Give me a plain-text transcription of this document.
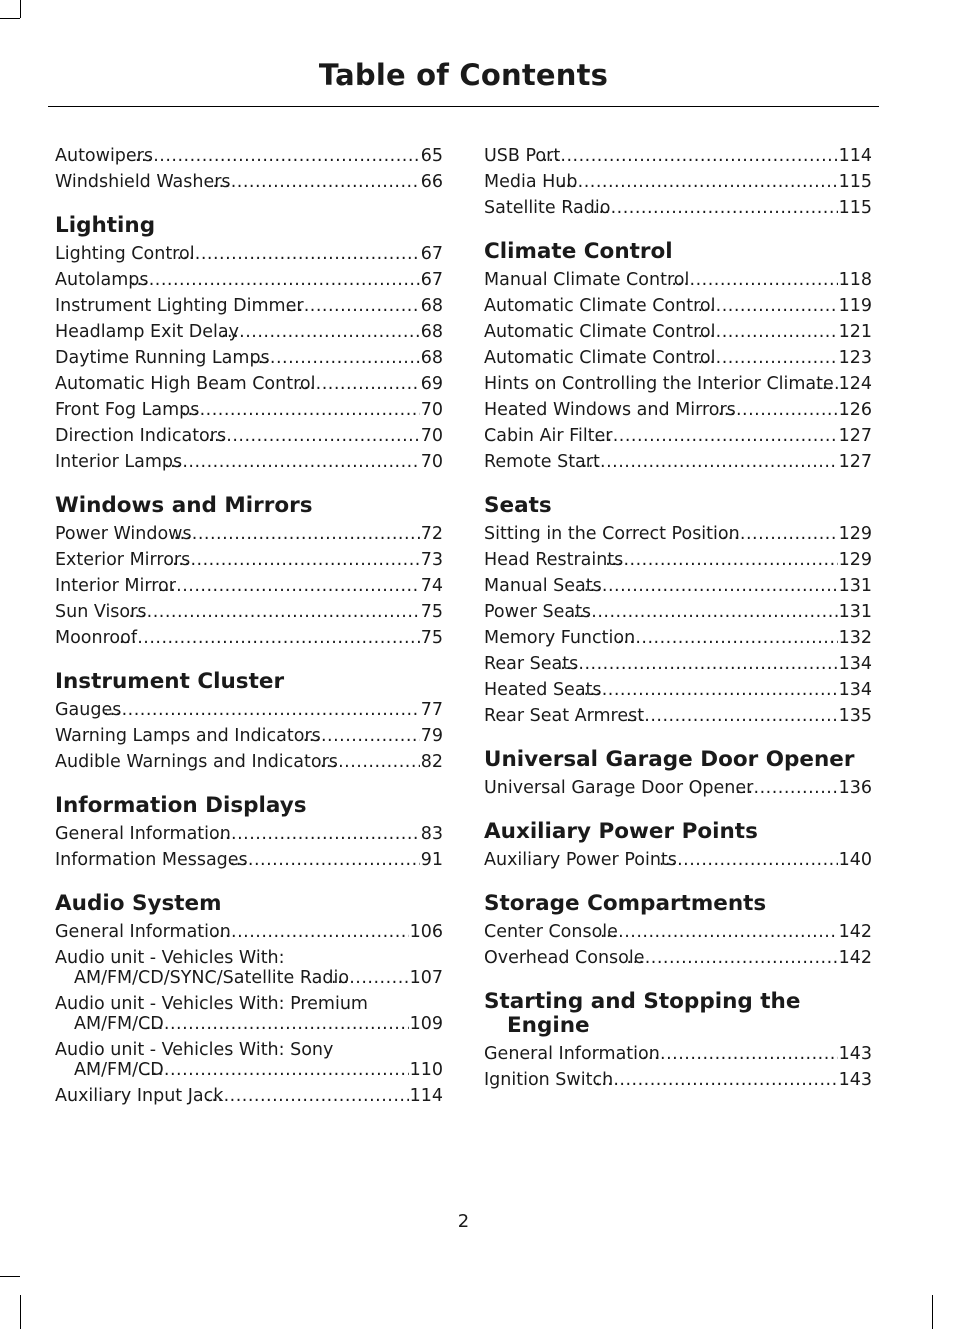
Table of Contents
Autowipers .....	65
Windshield Washers .....	66
Lighting
Lighting Control .....	67
Autolamps .....	67
Instrument Lighting Dimmer .....	68
Headlamp Exit Delay .....	68
Daytime Running Lamps .....	68
Automatic High Beam Control .....	69
Front Fog Lamps .....	70
Direction Indicators .....	70
Interior Lamps .....	70
Windows and Mirrors
Power Windows .....	72
Exterior Mirrors .....	73
Interior Mirror .....	74
Sun Visors .....	75
Moonroof .....	75
Instrument Cluster
Gauges .....	77
Warning Lamps and Indicators .....	79
Audible Warnings and Indicators .....	82
Information Displays
General Information .....	83
Information Messages .....	91
Audio System
General Information .....	106
Audio unit - Vehicles With: AM/FM/CD/SYNC/Satellite Radio .....	107
Audio unit - Vehicles With: Premium AM/FM/CD .....	109
Audio unit - Vehicles With: Sony AM/FM/CD .....	110
Auxiliary Input Jack .....	114
USB Port .....	114
Media Hub .....	115
Satellite Radio .....	115
Climate Control
Manual Climate Control .....	118
Automatic Climate Control .....	119
Automatic Climate Control .....	121
Automatic Climate Control .....	123
Hints on Controlling the Interior Climate ..... 124
Heated Windows and Mirrors .....	126
Cabin Air Filter .....	127
Remote Start .....	127
Seats
Sitting in the Correct Position .....	129
Head Restraints .....	129
Manual Seats .....	131
Power Seats .....	131
Memory Function .....	132
Rear Seats .....	134
Heated Seats .....	134
Rear Seat Armrest .....	135
Universal Garage Door Opener
Universal Garage Door Opener .....	136
Auxiliary Power Points
Auxiliary Power Points .....	140
Storage Compartments
Center Console .....	142
Overhead Console .....	142
Starting and Stopping the Engine
General Information .....	143
Ignition Switch .....	143
2
